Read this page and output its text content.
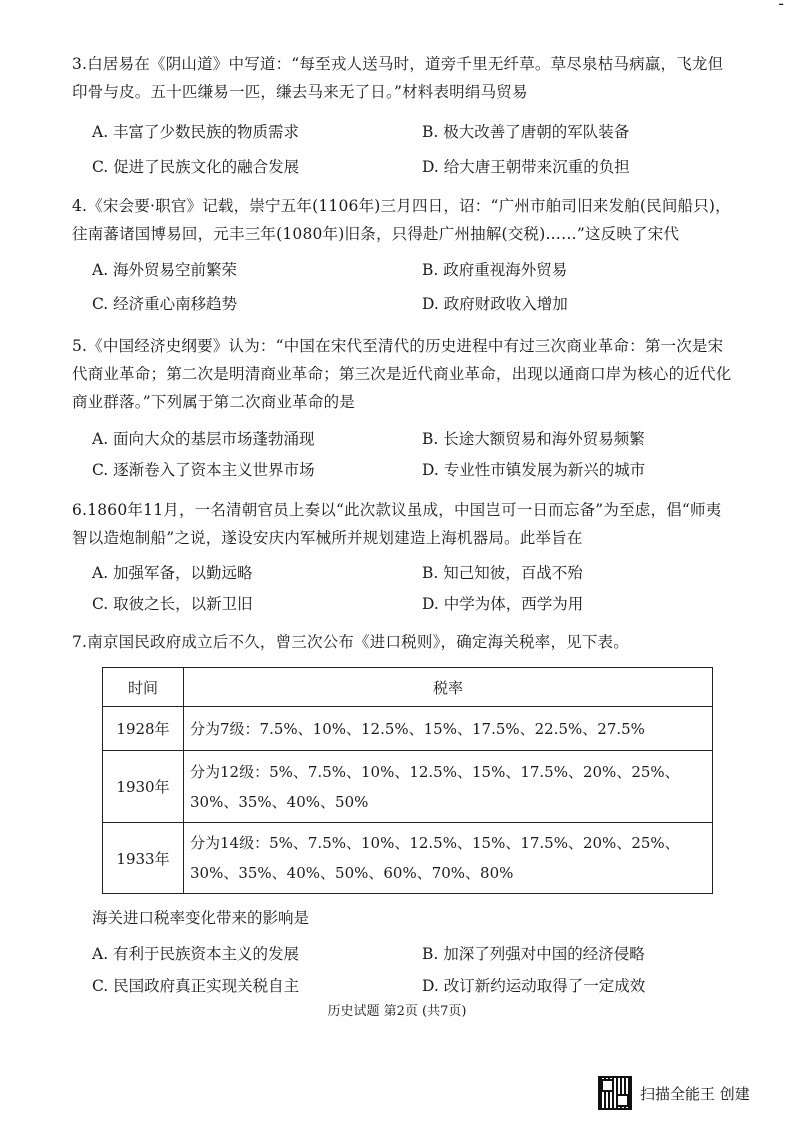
-
3.白居易在《阴山道》中写道：“每至戎人送马时，道旁千里无纤草。草尽泉枯马病羸，飞龙但印骨与皮。五十匹缣易一匹，缣去马来无了日。”材料表明绢马贸易
A. 丰富了少数民族的物质需求	B. 极大改善了唐朝的军队装备
C. 促进了民族文化的融合发展	D. 给大唐王朝带来沉重的负担
4.《宋会要·职官》记载，崇宁五年(1106年)三月四日，诏：“广州市舶司旧来发舶(民间船只)，往南蕃诸国博易回，元丰三年(1080年)旧条，只得赴广州抽解(交税)……”这反映了宋代
A. 海外贸易空前繁荣	B. 政府重视海外贸易
C. 经济重心南移趋势	D. 政府财政收入增加
5.《中国经济史纲要》认为：“中国在宋代至清代的历史进程中有过三次商业革命：第一次是宋代商业革命；第二次是明清商业革命；第三次是近代商业革命，出现以通商口岸为核心的近代化商业群落。”下列属于第二次商业革命的是
A. 面向大众的基层市场蓬勃涌现	B. 长途大额贸易和海外贸易频繁
C. 逐渐卷入了资本主义世界市场	D. 专业性市镇发展为新兴的城市
6.1860年11月，一名清朝官员上奏以“此次款议虽成，中国岂可一日而忘备”为至虑，倡“师夷智以造炮制船”之说，遂设安庆内军械所并规划建造上海机器局。此举旨在
A. 加强军备，以勤远略	B. 知己知彼，百战不殆
C. 取彼之长，以新卫旧	D. 中学为体，西学为用
7.南京国民政府成立后不久，曾三次公布《进口税则》，确定海关税率，见下表。
时间	税率
1928年	分为7级：7.5%、10%、12.5%、15%、17.5%、22.5%、27.5%
1930年	分为12级：5%、7.5%、10%、12.5%、15%、17.5%、20%、25%、30%、35%、40%、50%
1933年	分为14级：5%、7.5%、10%、12.5%、15%、17.5%、20%、25%、30%、35%、40%、50%、60%、70%、80%
海关进口税率变化带来的影响是
A. 有利于民族资本主义的发展	B. 加深了列强对中国的经济侵略
C. 民国政府真正实现关税自主	D. 改订新约运动取得了一定成效
历史试题 第2页 (共7页)
扫描全能王 创建
